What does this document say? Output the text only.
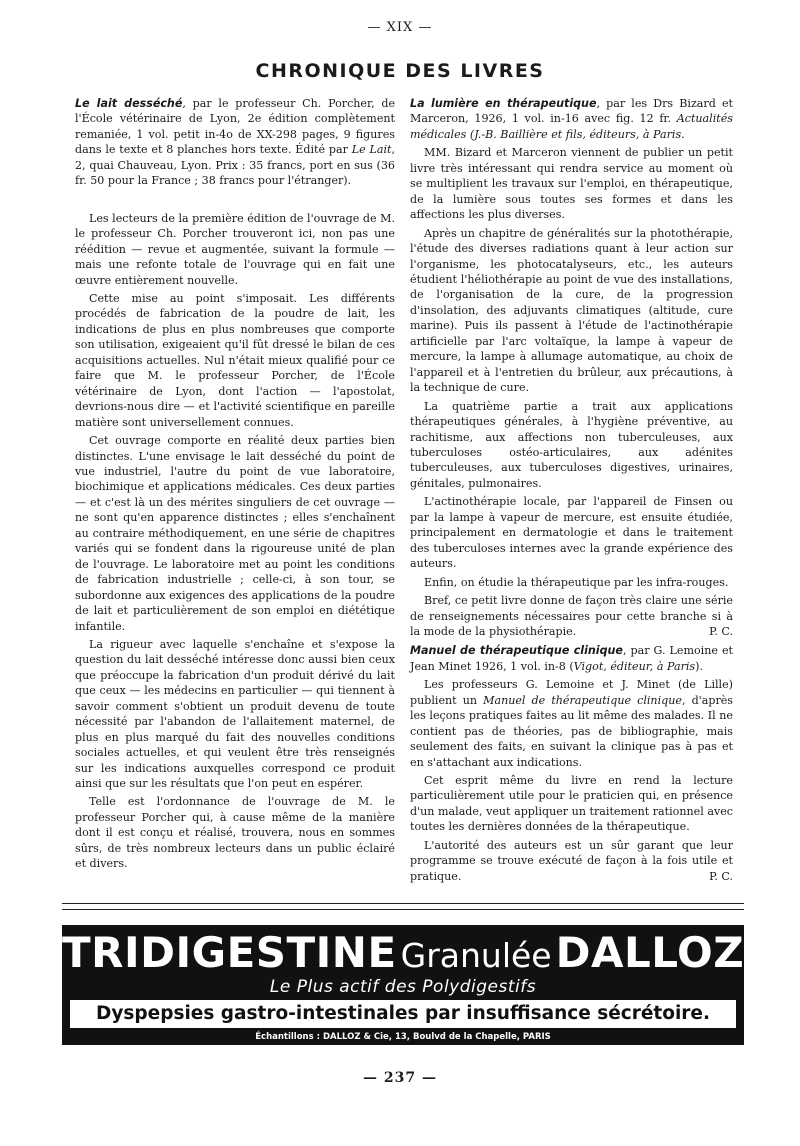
— XIX —
CHRONIQUE DES LIVRES

Le lait desséché, par le professeur Ch. Porcher, de l'École vétérinaire de Lyon, 2e édition complètement remaniée, 1 vol. petit in-4o de XX-298 pages, 9 figures dans le texte et 8 planches hors texte. Édité par Le Lait, 2, quai Chauveau, Lyon. Prix : 35 francs, port en sus (36 fr. 50 pour la France ; 38 francs pour l'étranger).

Les lecteurs de la première édition de l'ouvrage de M. le professeur Ch. Porcher trouveront ici, non pas une réédition — revue et augmentée, suivant la formule — mais une refonte totale de l'ouvrage qui en fait une œuvre entièrement nouvelle.

Cette mise au point s'imposait. Les différents procédés de fabrication de la poudre de lait, les indications de plus en plus nombreuses que comporte son utilisation, exigeaient qu'il fût dressé le bilan de ces acquisitions actuelles. Nul n'était mieux qualifié pour ce faire que M. le professeur Porcher, de l'École vétérinaire de Lyon, dont l'action — l'apostolat, devrions-nous dire — et l'activité scientifique en pareille matière sont universellement connues.

Cet ouvrage comporte en réalité deux parties bien distinctes. L'une envisage le lait desséché du point de vue industriel, l'autre du point de vue laboratoire, biochimique et applications médicales. Ces deux parties — et c'est là un des mérites singuliers de cet ouvrage — ne sont qu'en apparence distinctes ; elles s'enchaînent au contraire méthodiquement, en une série de chapitres variés qui se fondent dans la rigoureuse unité de plan de l'ouvrage. Le laboratoire met au point les conditions de fabrication industrielle ; celle-ci, à son tour, se subordonne aux exigences des applications de la poudre de lait et particulièrement de son emploi en diététique infantile.

La rigueur avec laquelle s'enchaîne et s'expose la question du lait desséché intéresse donc aussi bien ceux que préoccupe la fabrication d'un produit dérivé du lait que ceux — les médecins en particulier — qui tiennent à savoir comment s'obtient un produit devenu de toute nécessité par l'abandon de l'allaitement maternel, de plus en plus marqué du fait des nouvelles conditions sociales actuelles, et qui veulent être très renseignés sur les indications auxquelles correspond ce produit ainsi que sur les résultats que l'on peut en espérer.

Telle est l'ordonnance de l'ouvrage de M. le professeur Porcher qui, à cause même de la manière dont il est conçu et réalisé, trouvera, nous en sommes sûrs, de très nombreux lecteurs dans un public éclairé et divers.

La lumière en thérapeutique, par les Drs Bizard et Marceron, 1926, 1 vol. in-16 avec fig. 12 fr. Actualités médicales (J.-B. Baillière et fils, éditeurs, à Paris.

MM. Bizard et Marceron viennent de publier un petit livre très intéressant qui rendra service au moment où se multiplient les travaux sur l'emploi, en thérapeutique, de la lumière sous toutes ses formes et dans les affections les plus diverses.

Après un chapitre de généralités sur la photothérapie, l'étude des diverses radiations quant à leur action sur l'organisme, les photocatalyseurs, etc., les auteurs étudient l'héliothérapie au point de vue des installations, de l'organisation de la cure, de la progression d'insolation, des adjuvants climatiques (altitude, cure marine). Puis ils passent à l'étude de l'actinothérapie artificielle par l'arc voltaïque, la lampe à vapeur de mercure, la lampe à allumage automatique, au choix de l'appareil et à l'entretien du brûleur, aux précautions, à la technique de cure.

La quatrième partie a trait aux applications thérapeutiques générales, à l'hygiène préventive, au rachitisme, aux affections non tuberculeuses, aux tuberculoses ostéo-articulaires, aux adénites tuberculeuses, aux tuberculoses digestives, urinaires, génitales, pulmonaires.

L'actinothérapie locale, par l'appareil de Finsen ou par la lampe à vapeur de mercure, est ensuite étudiée, principalement en dermatologie et dans le traitement des tuberculoses internes avec la grande expérience des auteurs.

Enfin, on étudie la thérapeutique par les infra-rouges.

Bref, ce petit livre donne de façon très claire une série de renseignements nécessaires pour cette branche si à la mode de la physiothérapie.	P. C.

Manuel de thérapeutique clinique, par G. Lemoine et Jean Minet 1926, 1 vol. in-8 (Vigot, éditeur, à Paris).

Les professeurs G. Lemoine et J. Minet (de Lille) publient un Manuel de thérapeutique clinique, d'après les leçons pratiques faites au lit même des malades. Il ne contient pas de théories, pas de bibliographie, mais seulement des faits, en suivant la clinique pas à pas et en s'attachant aux indications.

Cet esprit même du livre en rend la lecture particulièrement utile pour le praticien qui, en présence d'un malade, veut appliquer un traitement rationnel avec toutes les dernières données de la thérapeutique.

L'autorité des auteurs est un sûr garant que leur programme se trouve exécuté de façon à la fois utile et pratique.	P. C.

TRIDIGESTINE GranuléeDALLOZ
Le Plus actif des Polydigestifs
Dyspepsies gastro-intestinales par insuffisance sécrétoire.
Échantillons : DALLOZ & Cie, 13, Boulvd de la Chapelle, PARIS
— 237 —
